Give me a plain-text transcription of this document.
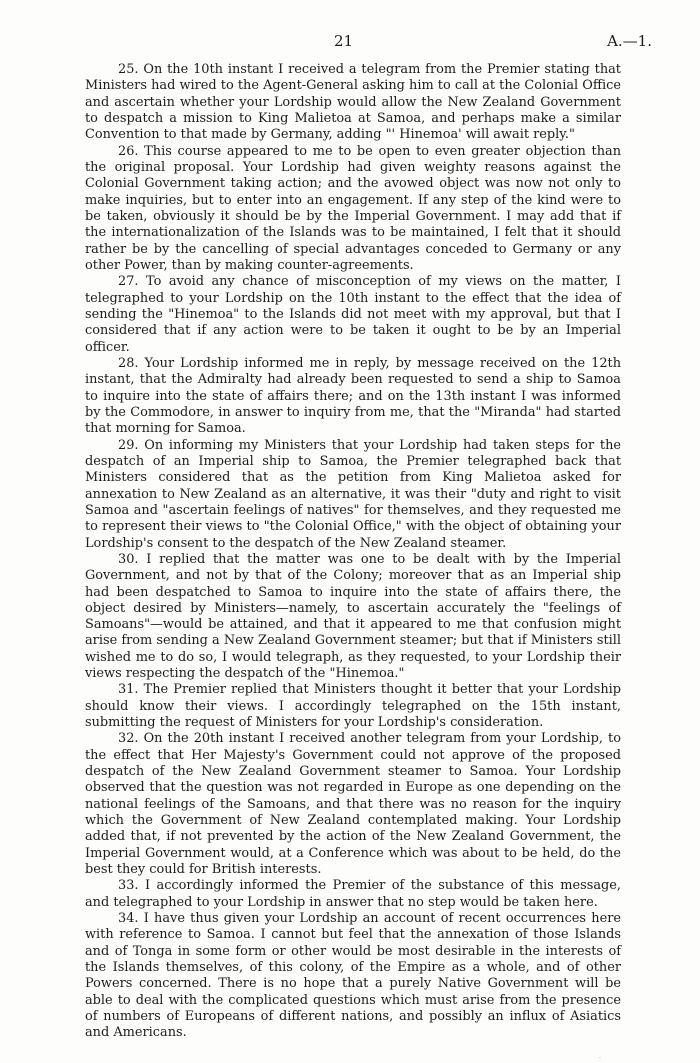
21	A.—1.

25. On the 10th instant I received a telegram from the Premier stating that Ministers had wired to the Agent-General asking him to call at the Colonial Office and ascertain whether your Lordship would allow the New Zealand Government to despatch a mission to King Malietoa at Samoa, and perhaps make a similar Convention to that made by Germany, adding "' Hinemoa' will await reply."

26. This course appeared to me to be open to even greater objection than the original proposal. Your Lordship had given weighty reasons against the Colonial Government taking action; and the avowed object was now not only to make inquiries, but to enter into an engagement. If any step of the kind were to be taken, obviously it should be by the Imperial Government. I may add that if the internationalization of the Islands was to be maintained, I felt that it should rather be by the cancelling of special advantages conceded to Germany or any other Power, than by making counter-agreements.

27. To avoid any chance of misconception of my views on the matter, I telegraphed to your Lordship on the 10th instant to the effect that the idea of sending the "Hinemoa" to the Islands did not meet with my approval, but that I considered that if any action were to be taken it ought to be by an Imperial officer.

28. Your Lordship informed me in reply, by message received on the 12th instant, that the Admiralty had already been requested to send a ship to Samoa to inquire into the state of affairs there; and on the 13th instant I was informed by the Commodore, in answer to inquiry from me, that the "Miranda" had started that morning for Samoa.

29. On informing my Ministers that your Lordship had taken steps for the despatch of an Imperial ship to Samoa, the Premier telegraphed back that Ministers considered that as the petition from King Malietoa asked for annexation to New Zealand as an alternative, it was their "duty and right to visit Samoa and "ascertain feelings of natives" for themselves, and they requested me to represent their views to "the Colonial Office," with the object of obtaining your Lordship's consent to the despatch of the New Zealand steamer.

30. I replied that the matter was one to be dealt with by the Imperial Government, and not by that of the Colony; moreover that as an Imperial ship had been despatched to Samoa to inquire into the state of affairs there, the object desired by Ministers—namely, to ascertain accurately the "feelings of Samoans"—would be attained, and that it appeared to me that confusion might arise from sending a New Zealand Government steamer; but that if Ministers still wished me to do so, I would telegraph, as they requested, to your Lordship their views respecting the despatch of the "Hinemoa."

31. The Premier replied that Ministers thought it better that your Lordship should know their views. I accordingly telegraphed on the 15th instant, submitting the request of Ministers for your Lordship's consideration.

32. On the 20th instant I received another telegram from your Lordship, to the effect that Her Majesty's Government could not approve of the proposed despatch of the New Zealand Government steamer to Samoa. Your Lordship observed that the question was not regarded in Europe as one depending on the national feelings of the Samoans, and that there was no reason for the inquiry which the Government of New Zealand contemplated making. Your Lordship added that, if not prevented by the action of the New Zealand Government, the Imperial Government would, at a Conference which was about to be held, do the best they could for British interests.

33. I accordingly informed the Premier of the substance of this message, and telegraphed to your Lordship in answer that no step would be taken here.

34. I have thus given your Lordship an account of recent occurrences here with reference to Samoa. I cannot but feel that the annexation of those Islands and of Tonga in some form or other would be most desirable in the interests of the Islands themselves, of this colony, of the Empire as a whole, and of other Powers concerned. There is no hope that a purely Native Government will be able to deal with the complicated questions which must arise from the presence of numbers of Europeans of different nations, and possibly an influx of Asiatics and Americans.

·
